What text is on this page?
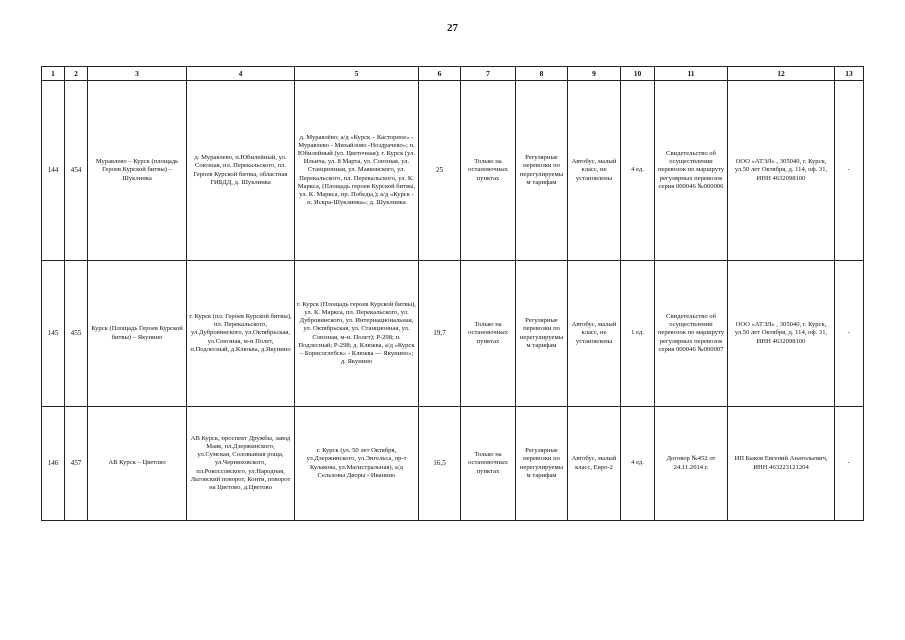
27
1	2	3	4	5	6	7	8	9	10	11	12	13
144	454	Муравлево – Курск (площадь Героев Курской битвы) – Шуклинка	д. Муравлево, п.Юбилейный, ул. Союзная, пл. Перекальского, пл. Героев Курской битвы, областная ГИБДД, д. Шуклинка	д. Муравлёво; а/д «Курск – Касторное» - Муравлево - Михайлово -Ноздрачево»; п. Юбилейный (ул. Цветочная); г. Курск (ул. Ильича, ул. 8 Марта, ул. Союзная, ул. Станционная, ул. Маяковского, ул. Перекальского, пл. Перекальского, ул. К. Маркса, (Площадь героев Курской битвы, ул. К. Маркса, пр. Победы,); а/д «Курск - п. Искра-Шуклинка»; д. Шуклинка	25	Только на остановочных пунктах	Регулярные перевозки по нерегулируемым тарифам	Автобус, малый класс, не установлены	4 ед.	Свидетельство об осуществлении перевозок по маршруту регулярных перевозок серия 000046 №000006	ООО «АТЭЛ» , 305040, г. Курск, ул.50 лет Октября, д. 114, оф. 31, ИНН 4632098100	-
145	455	Курск (Площадь Героев Курской битвы) – Якунино	г. Курск (пл. Героев Курской битвы), пл. Перекальского, ул.Дубровинского, ул.Октябрьская, ул.Союзная, м-н Полет, п.Подлесный, д.Клюква, д.Якунино	г. Курск (Площадь героев Курской битвы), ул. К. Маркса, пл. Перекальского, ул. Дубровинского, ул. Интернациональная, ул. Октябрьская, ул. Станционная, ул. Союзная, м-н. Полет); Р-298; п. Подлесный; Р-298; д. Клюква, а/д «Курск – Борисоглебск» - Клюква — Якунино»; д. Якунино	19,7	Только на остановочных пунктах	Регулярные перевозки по нерегулируемым тарифам	Автобус, малый класс, не установлены	1 ед.	Свидетельство об осуществлении перевозок по маршруту регулярных перевозок серия 000046 №000007	ООО «АТЭЛ» , 305040, г. Курск, ул.50 лет Октября, д. 114, оф. 31, ИНН 4632098100	-
146	457	АВ Курск – Цветово	АВ Курск, проспект Дружбы, завод Маяк, пл.Дзержинского, ул.Сумская, Соловьиная роща, ул.Черняховского, пл.Рокоссовского, ул.Народная, Льговский поворот, Конти, поворот на Цветово, д.Цветово	г. Курск (ул. 50 лет Октября, ул.Дзержинского, ул.Энгельса, пр-т Кулакова, ул.Магистральная), а/д Сельховы Дворы - Иванино	16,5	Только на остановочных пунктах	Регулярные перевозки по нерегулируемым тарифам	Автобус, малый класс, Евро-2	4 ед.	Договор №452 от 24.11.2014 г.	ИП Быков Евгений Анатольевич, ИНН 463223121204	-
